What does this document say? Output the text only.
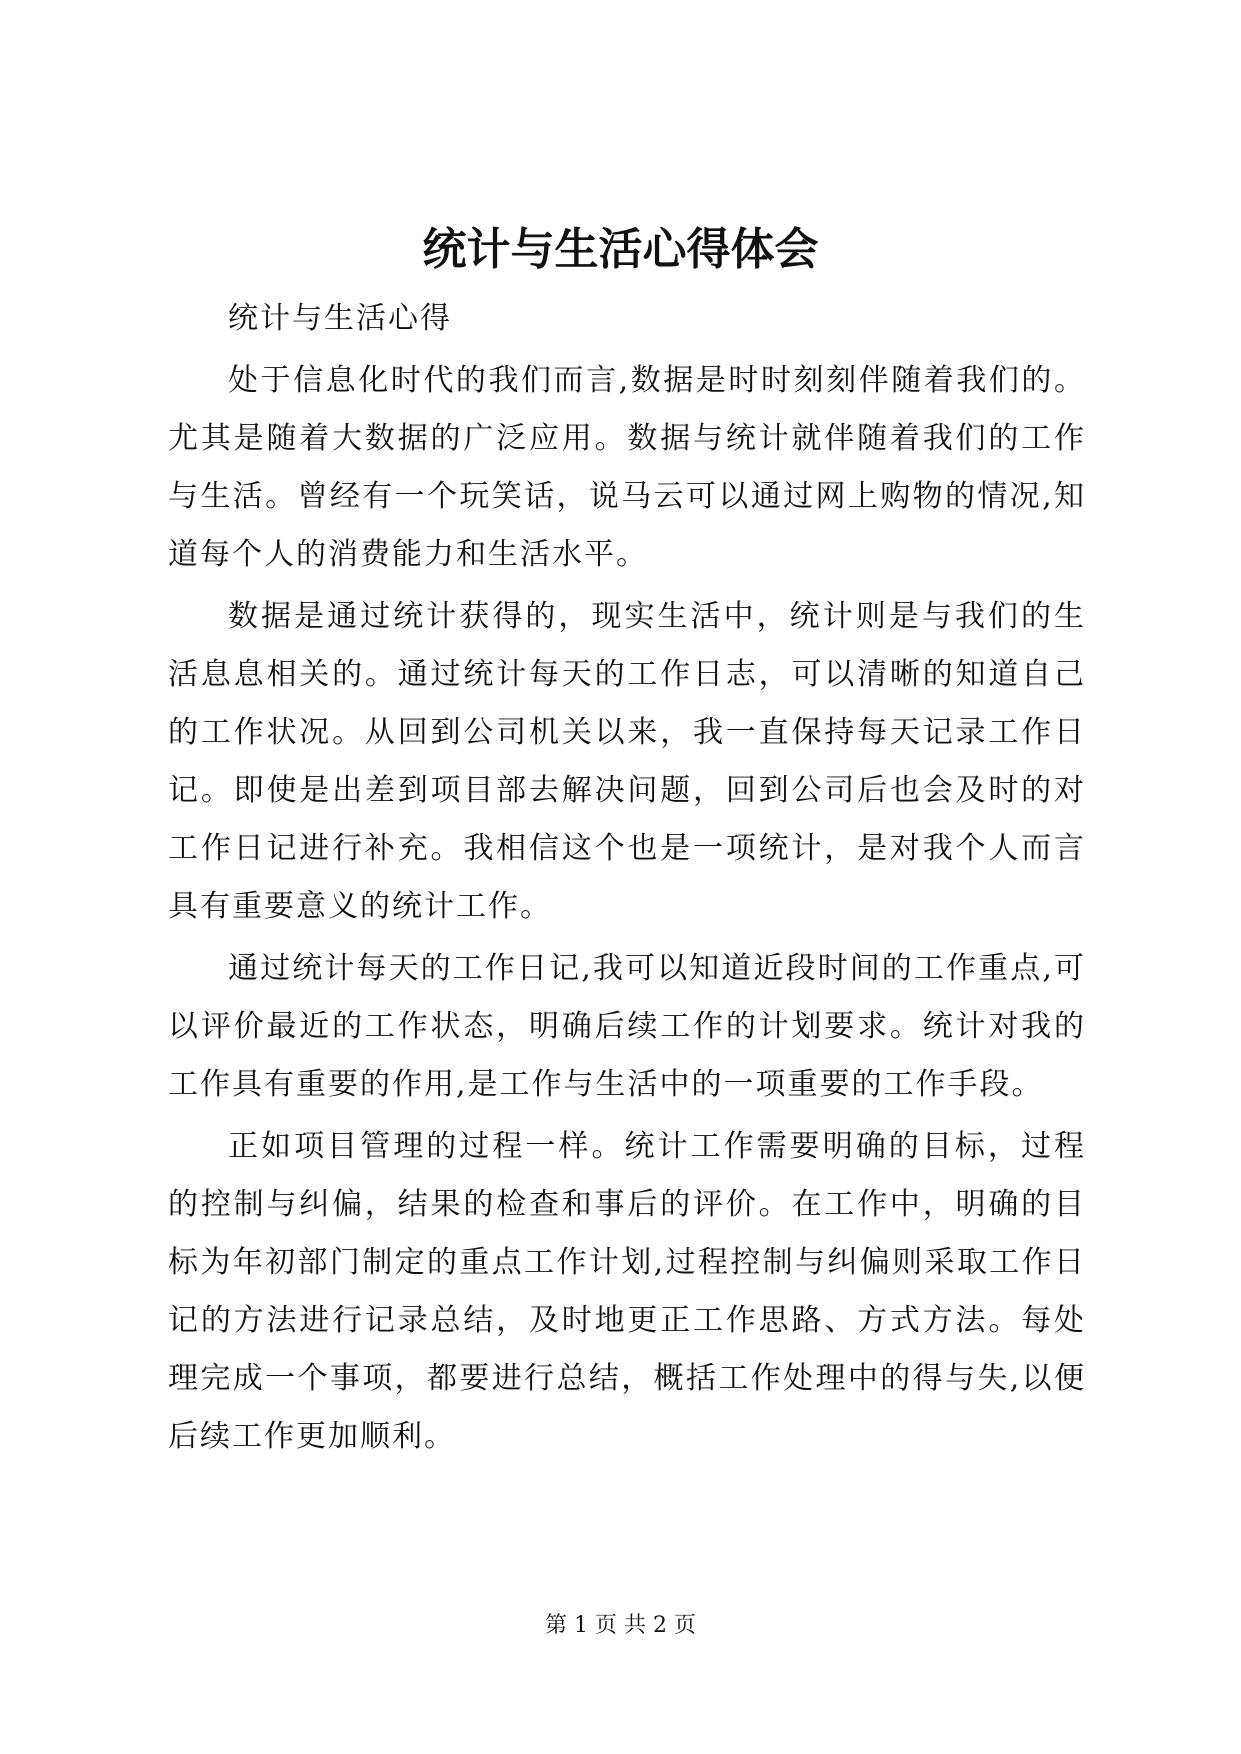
统计与生活心得体会

统计与生活心得

处于信息化时代的我们而言,数据是时时刻刻伴随着我们的。尤其是随着大数据的广泛应用。数据与统计就伴随着我们的工作与生活。曾经有一个玩笑话，说马云可以通过网上购物的情况,知道每个人的消费能力和生活水平。

数据是通过统计获得的，现实生活中，统计则是与我们的生活息息相关的。通过统计每天的工作日志，可以清晰的知道自己的工作状况。从回到公司机关以来，我一直保持每天记录工作日记。即使是出差到项目部去解决问题，回到公司后也会及时的对工作日记进行补充。我相信这个也是一项统计，是对我个人而言具有重要意义的统计工作。

通过统计每天的工作日记,我可以知道近段时间的工作重点,可以评价最近的工作状态，明确后续工作的计划要求。统计对我的工作具有重要的作用,是工作与生活中的一项重要的工作手段。

正如项目管理的过程一样。统计工作需要明确的目标，过程的控制与纠偏，结果的检查和事后的评价。在工作中，明确的目标为年初部门制定的重点工作计划,过程控制与纠偏则采取工作日记的方法进行记录总结，及时地更正工作思路、方式方法。每处理完成一个事项，都要进行总结，概括工作处理中的得与失,以便后续工作更加顺利。

第 1 页 共 2 页
